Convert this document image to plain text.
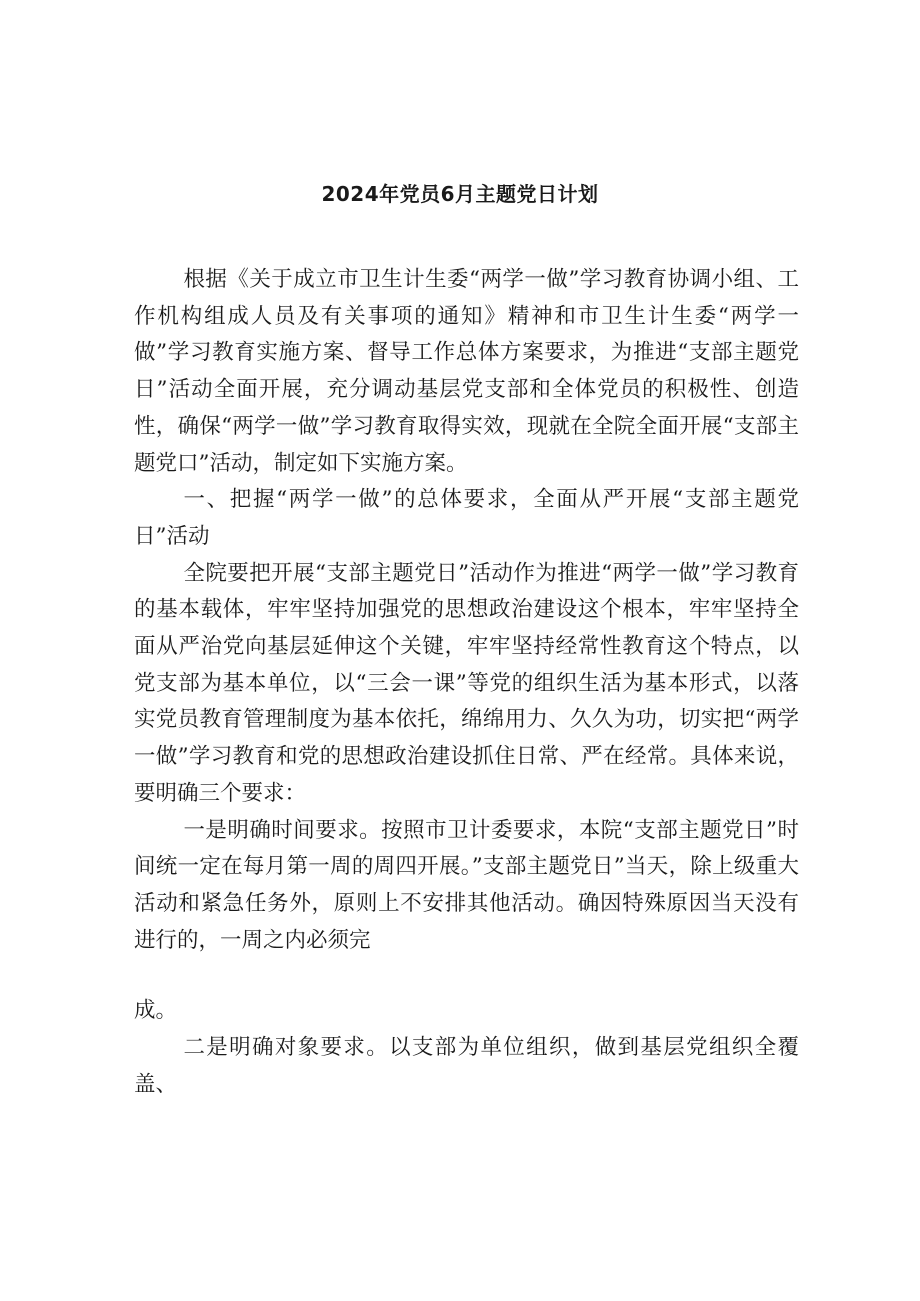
2024年党员6月主题党日计划

根据《关于成立市卫生计生委“两学一做”学习教育协调小组、工作机构组成人员及有关事项的通知》精神和市卫生计生委“两学一做”学习教育实施方案、督导工作总体方案要求，为推进“支部主题党日”活动全面开展，充分调动基层党支部和全体党员的积极性、创造性，确保“两学一做”学习教育取得实效，现就在全院全面开展“支部主题党口”活动，制定如下实施方案。

一、把握“两学一做”的总体要求，全面从严开展“支部主题党日”活动

全院要把开展“支部主题党日”活动作为推进“两学一做”学习教育的基本载体，牢牢坚持加强党的思想政治建设这个根本，牢牢坚持全面从严治党向基层延伸这个关键，牢牢坚持经常性教育这个特点，以党支部为基本单位，以“三会一课”等党的组织生活为基本形式，以落实党员教育管理制度为基本依托，绵绵用力、久久为功，切实把“两学一做”学习教育和党的思想政治建设抓住日常、严在经常。具体来说，要明确三个要求：

一是明确时间要求。按照市卫计委要求，本院“支部主题党日”时间统一定在每月第一周的周四开展。”支部主题党日”当天，除上级重大活动和紧急任务外，原则上不安排其他活动。确因特殊原因当天没有进行的，一周之内必须完

成。

二是明确对象要求。以支部为单位组织，做到基层党组织全覆盖、
